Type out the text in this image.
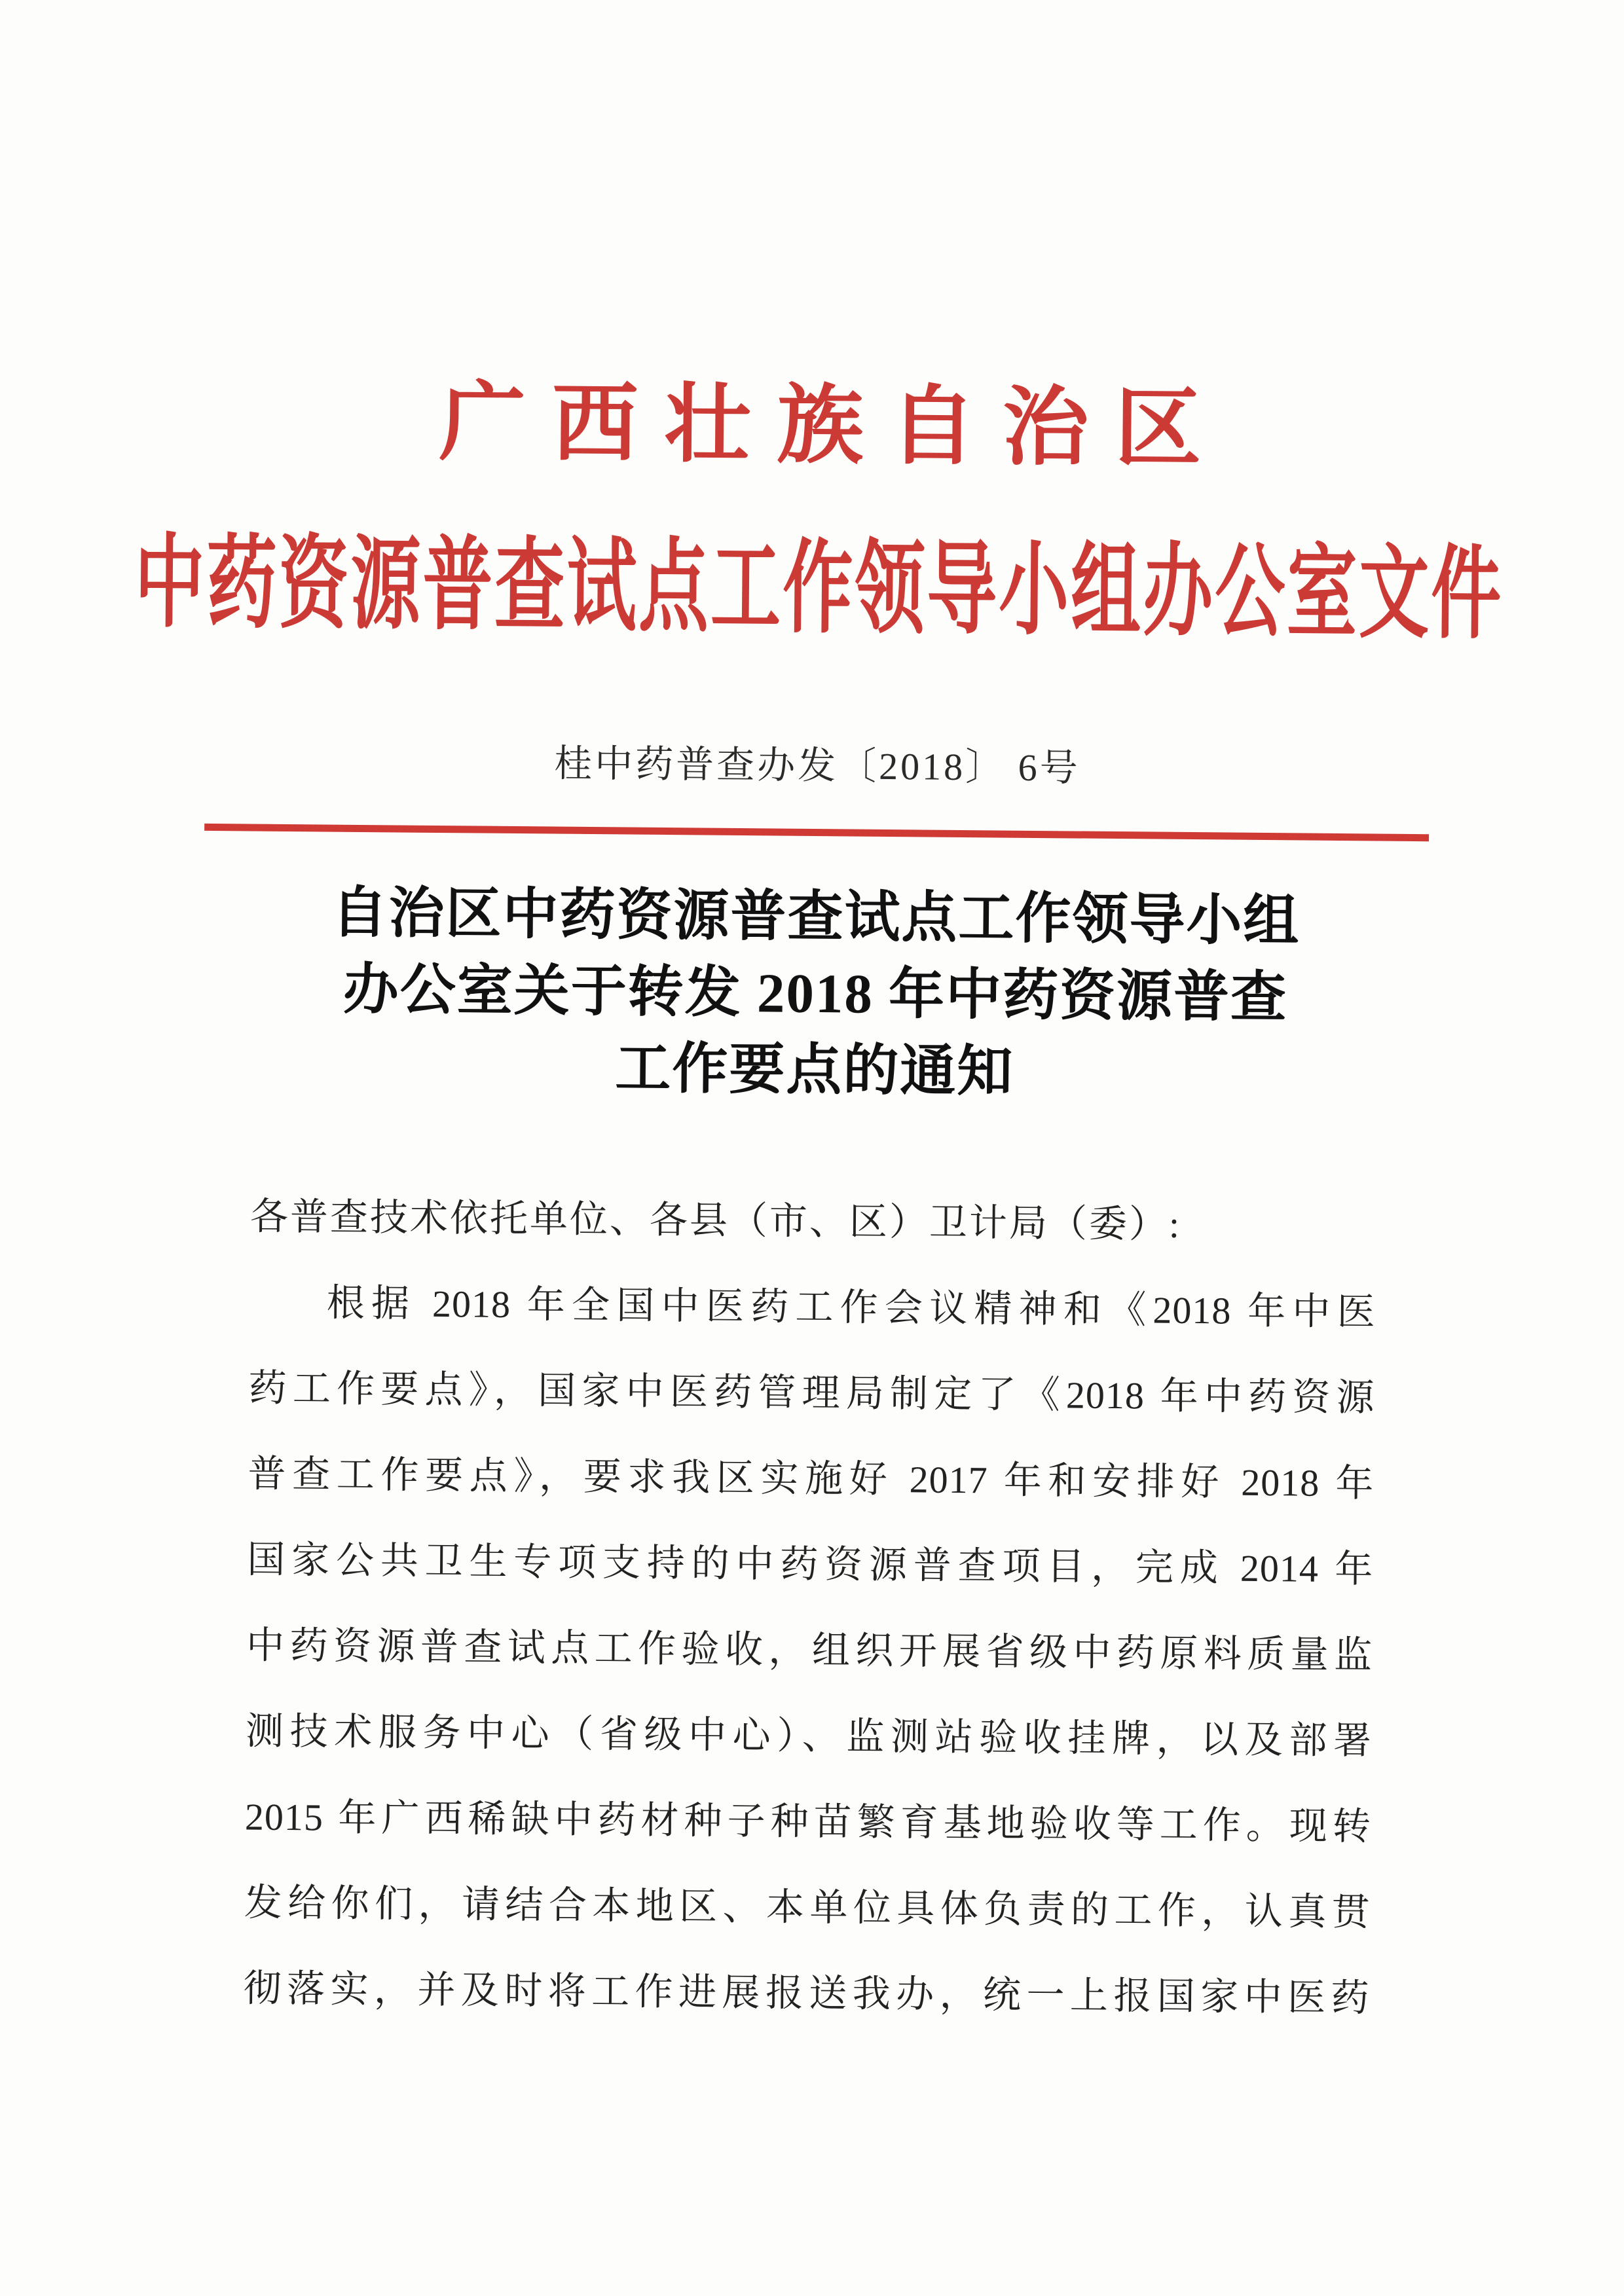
广西壮族自治区
中药资源普查试点工作领导小组办公室文件
桂中药普查办发〔2018〕 6号
自治区中药资源普查试点工作领导小组
办公室关于转发 2018 年中药资源普查
工作要点的通知
各普查技术依托单位、各县（市、区）卫计局（委）:
根据 2018 年全国中医药工作会议精神和《2018 年中医
药工作要点》，国家中医药管理局制定了《2018 年中药资源
普查工作要点》，要求我区实施好 2017 年和安排好 2018 年
国家公共卫生专项支持的中药资源普查项目，完成 2014 年
中药资源普查试点工作验收，组织开展省级中药原料质量监
测技术服务中心（省级中心）、监测站验收挂牌，以及部署
2015 年广西稀缺中药材种子种苗繁育基地验收等工作。现转
发给你们，请结合本地区、本单位具体负责的工作，认真贯
彻落实，并及时将工作进展报送我办，统一上报国家中医药
